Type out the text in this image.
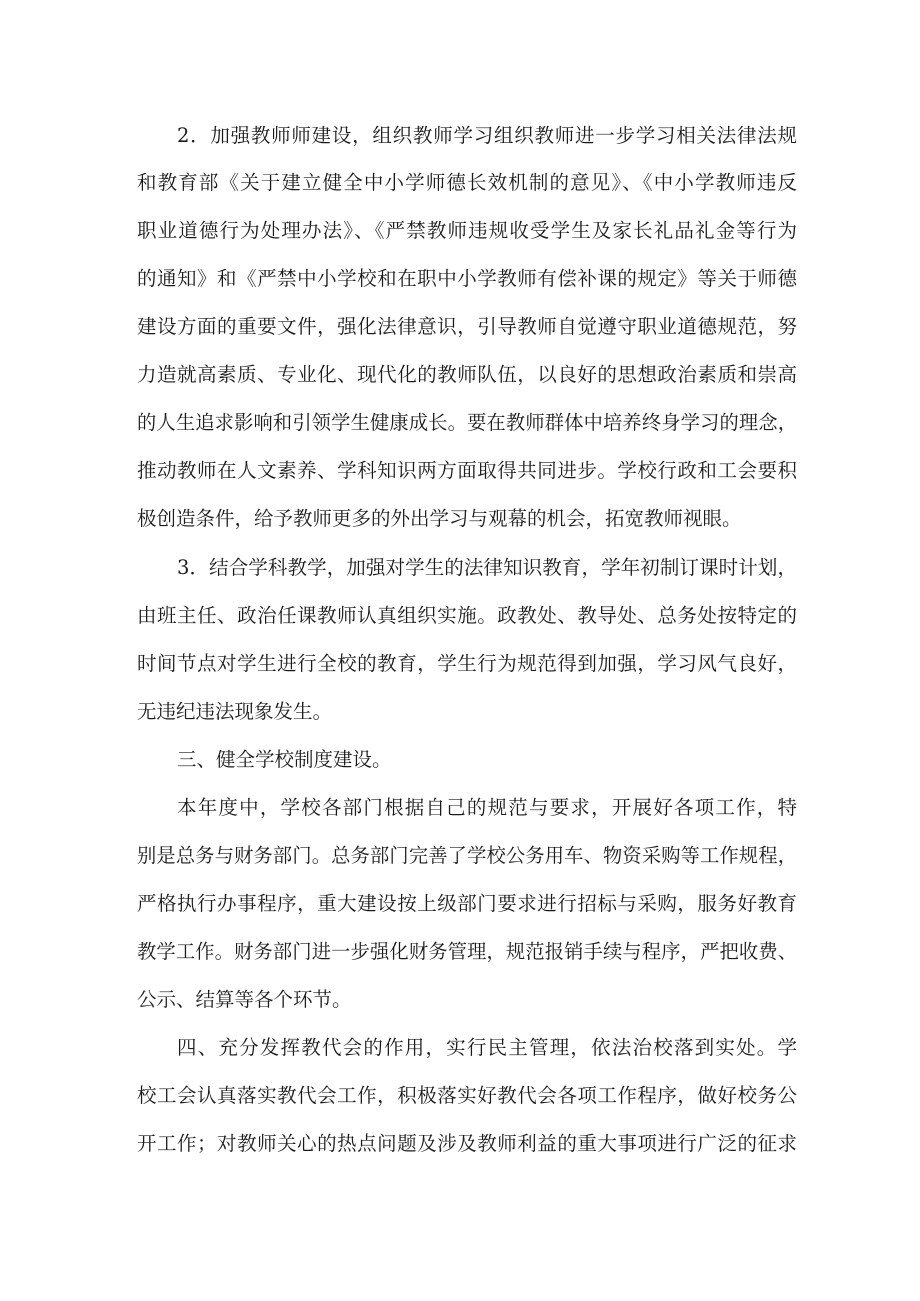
2．加强教师师建设，组织教师学习组织教师进一步学习相关法律法规
和教育部《关于建立健全中小学师德长效机制的意见》、《中小学教师违反
职业道德行为处理办法》、《严禁教师违规收受学生及家长礼品礼金等行为
的通知》和《严禁中小学校和在职中小学教师有偿补课的规定》等关于师德
建设方面的重要文件，强化法律意识，引导教师自觉遵守职业道德规范，努
力造就高素质、专业化、现代化的教师队伍，以良好的思想政治素质和崇高
的人生追求影响和引领学生健康成长。要在教师群体中培养终身学习的理念，
推动教师在人文素养、学科知识两方面取得共同进步。学校行政和工会要积
极创造条件，给予教师更多的外出学习与观幕的机会，拓宽教师视眼。
3．结合学科教学，加强对学生的法律知识教育，学年初制订课时计划，
由班主任、政治任课教师认真组织实施。政教处、教导处、总务处按特定的
时间节点对学生进行全校的教育，学生行为规范得到加强，学习风气良好，
无违纪违法现象发生。
三、健全学校制度建设。
本年度中，学校各部门根据自己的规范与要求，开展好各项工作，特
别是总务与财务部门。总务部门完善了学校公务用车、物资采购等工作规程，
严格执行办事程序，重大建设按上级部门要求进行招标与采购，服务好教育
教学工作。财务部门进一步强化财务管理，规范报销手续与程序，严把收费、
公示、结算等各个环节。
四、充分发挥教代会的作用，实行民主管理，依法治校落到实处。学
校工会认真落实教代会工作，积极落实好教代会各项工作程序，做好校务公
开工作；对教师关心的热点问题及涉及教师利益的重大事项进行广泛的征求
